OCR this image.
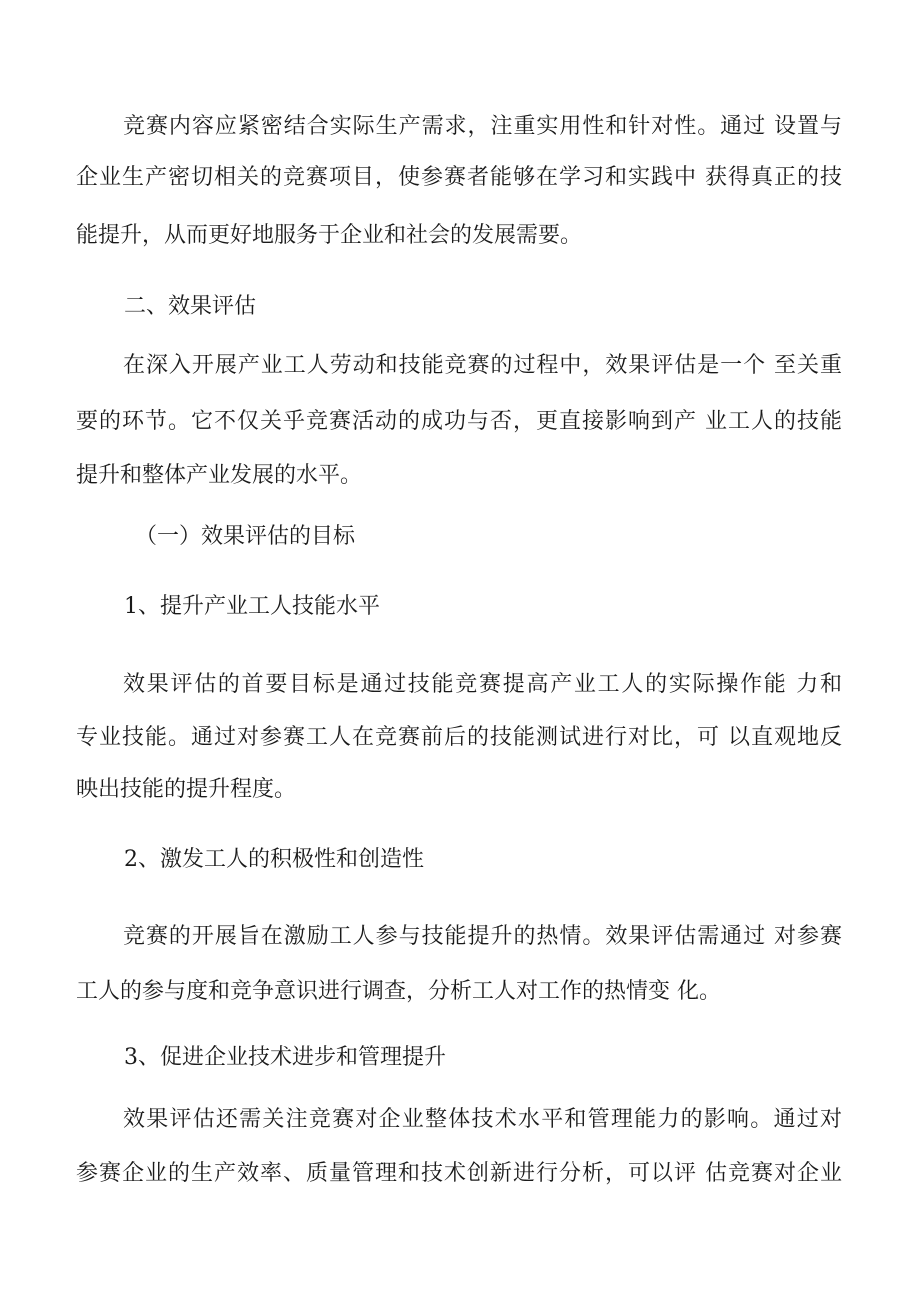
竞赛内容应紧密结合实际生产需求，注重实用性和针对性。通过 设置与
企业生产密切相关的竞赛项目，使参赛者能够在学习和实践中 获得真正的技
能提升，从而更好地服务于企业和社会的发展需要。
二、效果评估
在深入开展产业工人劳动和技能竞赛的过程中，效果评估是一个 至关重
要的环节。它不仅关乎竞赛活动的成功与否，更直接影响到产 业工人的技能
提升和整体产业发展的水平。
（一）效果评估的目标
1、提升产业工人技能水平
效果评估的首要目标是通过技能竞赛提高产业工人的实际操作能 力和
专业技能。通过对参赛工人在竞赛前后的技能测试进行对比，可 以直观地反
映出技能的提升程度。
2、激发工人的积极性和创造性
竞赛的开展旨在激励工人参与技能提升的热情。效果评估需通过 对参赛
工人的参与度和竞争意识进行调查，分析工人对工作的热情变 化。
3、促进企业技术进步和管理提升
效果评估还需关注竞赛对企业整体技术水平和管理能力的影响。通过对
参赛企业的生产效率、质量管理和技术创新进行分析，可以评 估竞赛对企业
